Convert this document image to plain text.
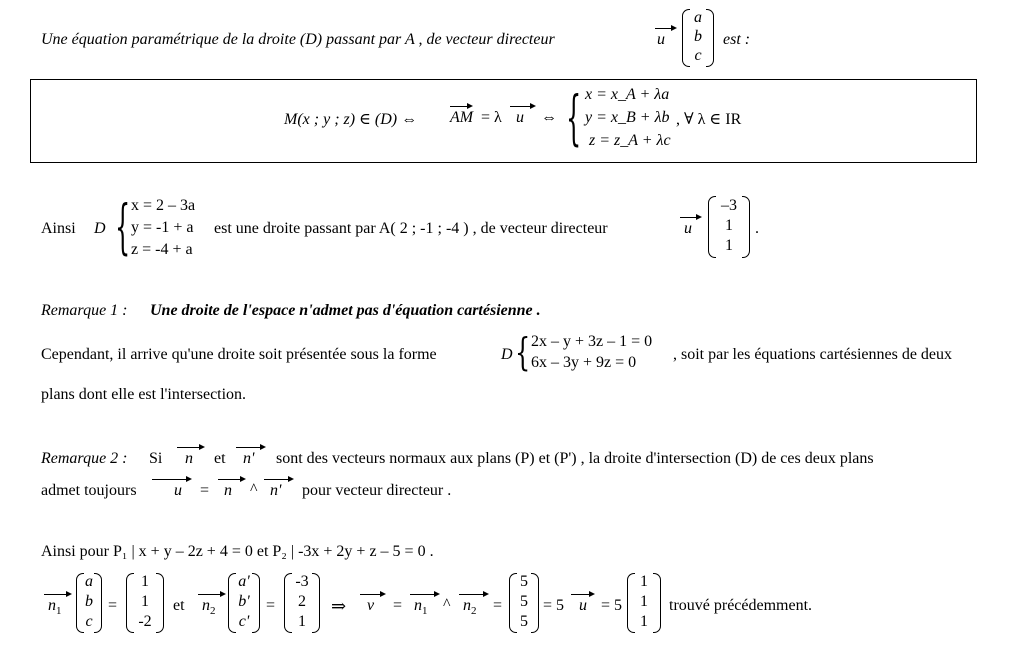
Une équation paramétrique de la droite (D) passant par A , de vecteur directeur	u
a
b
c
est :
M(x ; y ; z) ∈ (D) ⇔ AM = λ u	⇔ { x = x_A + λa
y = x_B + λb
z = z_A + λc
, ∀ λ ∈ IR
Ainsi D { x = 2 – 3a
y = -1 + a
z = -4 + a
est une droite passant par A( 2 ; -1 ; -4 ) , de vecteur directeur	u
–3
1
1
.
Remarque 1 : Une droite de l'espace n'admet pas d'équation cartésienne .
Cependant, il arrive qu'une droite soit présentée sous la forme	D { 2x – y + 3z – 1 = 0
6x – 3y + 9z = 0 , soit par les équations cartésiennes de deux
plans dont elle est l'intersection.
Remarque 2 : Si	n	et	n'	sont des vecteurs normaux aux plans (P) et (P') , la droite d'intersection (D) de ces deux plans
admet toujours	u	= n	^ n'	pour vecteur directeur .
Ainsi pour P₁ | x + y – 2z + 4 = 0 et P₂ | -3x + 2y + z – 5 = 0 .
$n_1$
a
b
c
=
1
1
-2
et $n_2$
a'
b'
c'
=
-3
2
1
⇒	v	= $n_1$ ^ $n_2$	=
5
5
5
= 5 u = 5
1
1
1
trouvé précédemment.
